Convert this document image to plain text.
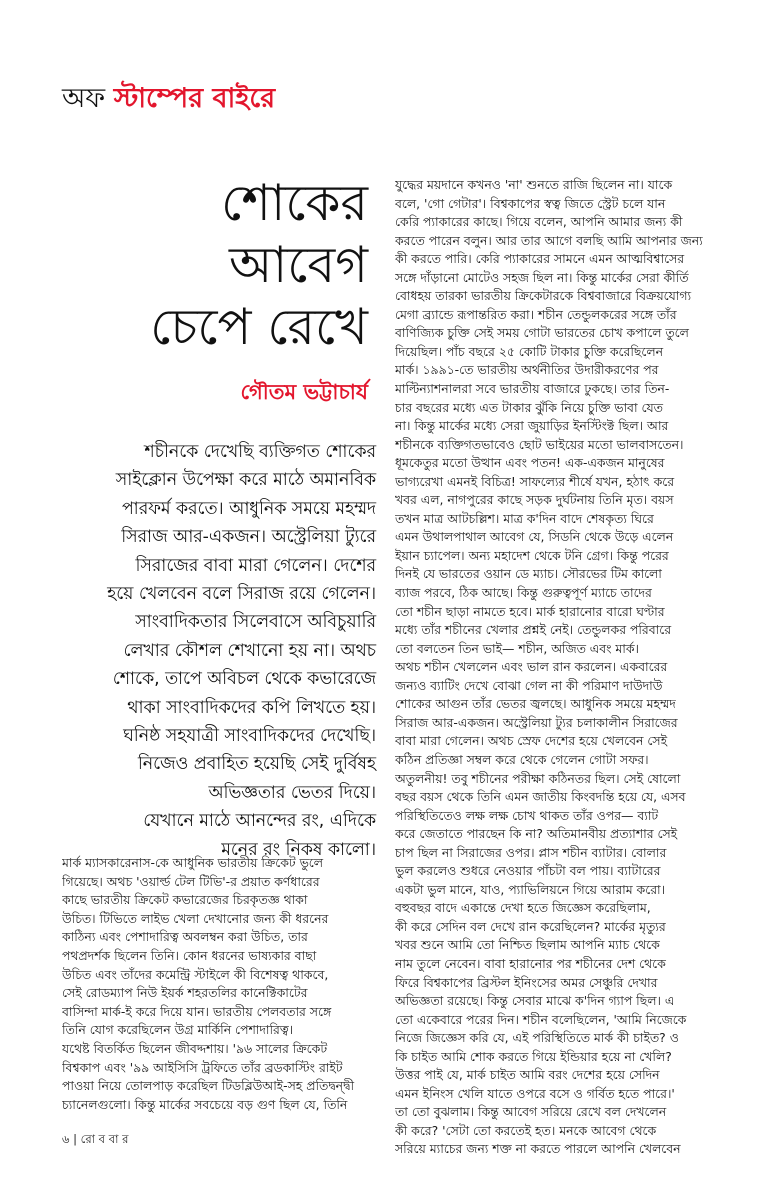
অফ স্টাম্পের বাইরে
শোকের
আবেগ
চেপে রেখে
গৌতম ভট্টাচার্য
শচীনকে দেখেছি ব্যক্তিগত শোকের
সাইক্লোন উপেক্ষা করে মাঠে অমানবিক
পারফর্ম করতে। আধুনিক সময়ে মহম্মদ
সিরাজ আর-একজন। অস্ট্রেলিয়া ট্যুরে
সিরাজের বাবা মারা গেলেন। দেশের
হয়ে খেলবেন বলে সিরাজ রয়ে গেলেন।
সাংবাদিকতার সিলেবাসে অবিচুয়ারি
লেখার কৌশল শেখানো হয় না। অথচ
শোকে, তাপে অবিচল থেকে কভারেজে
থাকা সাংবাদিকদের কপি লিখতে হয়।
ঘনিষ্ঠ সহযাত্রী সাংবাদিকদের দেখেছি।
নিজেও প্রবাহিত হয়েছি সেই দুর্বিষহ
অভিজ্ঞতার ভেতর দিয়ে।
যেখানে মাঠে আনন্দের রং, এদিকে
মনের রং নিকষ কালো।
মার্ক ম্যাসকারেনাস-কে আধুনিক ভারতীয় ক্রিকেট ভুলে
গিয়েছে। অথচ 'ওয়ার্ল্ড টেল টিভি'-র প্রয়াত কর্ণধারের
কাছে ভারতীয় ক্রিকেট কভারেজের চিরকৃতজ্ঞ থাকা
উচিত। টিভিতে লাইভ খেলা দেখানোর জন্য কী ধরনের
কাঠিন্য এবং পেশাদারিত্ব অবলম্বন করা উচিত, তার
পথপ্রদর্শক ছিলেন তিনি। কোন ধরনের ভাষ্যকার বাছা
উচিত এবং তাঁদের কমেন্ট্রি স্টাইলে কী বিশেষত্ব থাকবে,
সেই রোডম্যাপ নিউ ইয়র্ক শহরতলির কানেক্টিকাটের
বাসিন্দা মার্ক-ই করে দিয়ে যান। ভারতীয় পেলবতার সঙ্গে
তিনি যোগ করেছিলেন উগ্র মার্কিনি পেশাদারিত্ব।
যথেষ্ট বিতর্কিত ছিলেন জীবদ্দশায়। '৯৬ সালের ক্রিকেট
বিশ্বকাপ এবং '৯৯ আইসিসি ট্রফিতে তাঁর ব্রডকাস্টিং রাইট
পাওয়া নিয়ে তোলপাড় করেছিল টিডব্লিউআই-সহ প্রতিদ্বন্দ্বী
চ্যানেলগুলো। কিন্তু মার্কের সবচেয়ে বড় গুণ ছিল যে, তিনি
যুদ্ধের ময়দানে কখনও 'না' শুনতে রাজি ছিলেন না। যাকে
বলে, 'গো গেটার'। বিশ্বকাপের স্বত্ব জিতে স্ট্রেট চলে যান
কেরি প্যাকারের কাছে। গিয়ে বলেন, আপনি আমার জন্য কী
করতে পারেন বলুন। আর তার আগে বলছি আমি আপনার জন্য
কী করতে পারি। কেরি প্যাকারের সামনে এমন আত্মবিশ্বাসের
সঙ্গে দাঁড়ানো মোটেও সহজ ছিল না। কিন্তু মার্কের সেরা কীর্তি
বোধহয় তারকা ভারতীয় ক্রিকেটারকে বিশ্ববাজারে বিক্রয়যোগ্য
মেগা ব্র্যান্ডে রূপান্তরিত করা। শচীন তেন্ডুলকরের সঙ্গে তাঁর
বাণিজ্যিক চুক্তি সেই সময় গোটা ভারতের চোখ কপালে তুলে
দিয়েছিল। পাঁচ বছরে ২৫ কোটি টাকার চুক্তি করেছিলেন
মার্ক। ১৯৯১-তে ভারতীয় অর্থনীতির উদারীকরণের পর
মাল্টিন্যাশনালরা সবে ভারতীয় বাজারে ঢুকছে। তার তিন-
চার বছরের মধ্যে এত টাকার ঝুঁকি নিয়ে চুক্তি ভাবা যেত
না। কিন্তু মার্কের মধ্যে সেরা জুয়াড়ির ইনস্টিংক্ট ছিল। আর
শচীনকে ব্যক্তিগতভাবেও ছোট ভাইয়ের মতো ভালবাসতেন।
ধূমকেতুর মতো উত্থান এবং পতন! এক-একজন মানুষের
ভাগ্যরেখা এমনই বিচিত্র! সাফল্যের শীর্ষে যখন, হঠাৎ করে
খবর এল, নাগপুরের কাছে সড়ক দুর্ঘটনায় তিনি মৃত। বয়স
তখন মাত্র আটচল্লিশ। মাত্র ক'দিন বাদে শেষকৃত্য ঘিরে
এমন উথালপাথাল আবেগ যে, সিডনি থেকে উড়ে এলেন
ইয়ান চ্যাপেল। অন্য মহাদেশ থেকে টনি গ্রেগ। কিন্তু পরের
দিনই যে ভারতের ওয়ান ডে ম্যাচ। সৌরভের টিম কালো
ব্যাজ পরবে, ঠিক আছে। কিন্তু গুরুত্বপূর্ণ ম্যাচে তাদের
তো শচীন ছাড়া নামতে হবে। মার্ক হারানোর বারো ঘণ্টার
মধ্যে তাঁর শচীনের খেলার প্রশ্নই নেই। তেন্ডুলকর পরিবারে
তো বলতেন তিন ভাই— শচীন, অজিত এবং মার্ক।
অথচ শচীন খেললেন এবং ভাল রান করলেন। একবারের
জন্যও ব্যাটিং দেখে বোঝা গেল না কী পরিমাণ দাউদাউ
শোকের আগুন তাঁর ভেতর জ্বলছে। আধুনিক সময়ে মহম্মদ
সিরাজ আর-একজন। অস্ট্রেলিয়া ট্যুর চলাকালীন সিরাজের
বাবা মারা গেলেন। অথচ স্রেফ দেশের হয়ে খেলবেন সেই
কঠিন প্রতিজ্ঞা সম্বল করে থেকে গেলেন গোটা সফর।
অতুলনীয়! তবু শচীনের পরীক্ষা কঠিনতর ছিল। সেই ষোলো
বছর বয়স থেকে তিনি এমন জাতীয় কিংবদন্তি হয়ে যে, এসব
পরিস্থিতিতেও লক্ষ লক্ষ চোখ থাকত তাঁর ওপর— ব্যাট
করে জেতাতে পারছেন কি না? অতিমানবীয় প্রত্যাশার সেই
চাপ ছিল না সিরাজের ওপর। প্লাস শচীন ব্যাটার। বোলার
ভুল করলেও শুধরে নেওয়ার পাঁচটা বল পায়। ব্যাটারের
একটা ভুল মানে, যাও, প্যাভিলিয়নে গিয়ে আরাম করো।
বহুবছর বাদে একান্তে দেখা হতে জিজ্ঞেস করেছিলাম,
কী করে সেদিন বল দেখে রান করেছিলেন? মার্কের মৃত্যুর
খবর শুনে আমি তো নিশ্চিত ছিলাম আপনি ম্যাচ থেকে
নাম তুলে নেবেন। বাবা হারানোর পর শচীনের দেশ থেকে
ফিরে বিশ্বকাপের ব্রিস্টল ইনিংসের অমর সেঞ্চুরি দেখার
অভিজ্ঞতা রয়েছে। কিন্তু সেবার মাঝে ক'দিন গ্যাপ ছিল। এ
তো একেবারে পরের দিন। শচীন বলেছিলেন, 'আমি নিজেকে
নিজে জিজ্ঞেস করি যে, এই পরিস্থিতিতে মার্ক কী চাইত? ও
কি চাইত আমি শোক করতে গিয়ে ইন্ডিয়ার হয়ে না খেলি?
উত্তর পাই যে, মার্ক চাইত আমি বরং দেশের হয়ে সেদিন
এমন ইনিংস খেলি যাতে ওপরে বসে ও গর্বিত হতে পারে।'
তা তো বুঝলাম। কিন্তু আবেগ সরিয়ে রেখে বল দেখলেন
কী করে? 'সেটা তো করতেই হত। মনকে আবেগ থেকে
সরিয়ে ম্যাচের জন্য শক্ত না করতে পারলে আপনি খেলবেন
৬ | রো ব বা র
